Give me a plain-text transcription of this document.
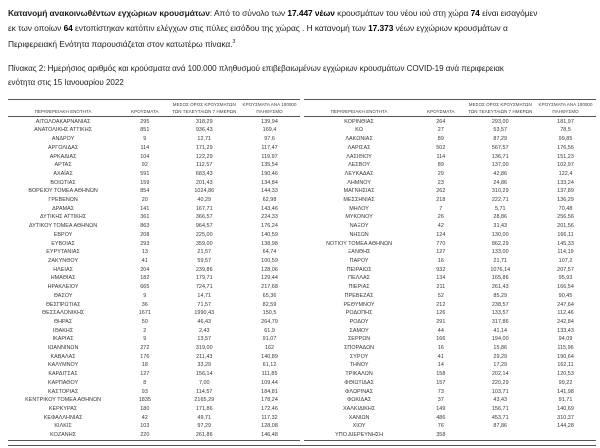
Κατανομή ανακοινωθέντων εγχώριων κρουσμάτων: Από το σύνολο των 17.447 νέων κρουσμάτων του νέου ιού στη χώρα 74 είναι εισαγόμεν
εκ των οποίων 64 εντοπίστηκαν κατόπιν ελέγχων στις πύλες εισόδου της χώρας . Η κατανομή των 17.373 νέων εγχώριων κρουσμάτων α
Περιφερειακή Ενότητα παρουσιάζεται στον κατωτέρω πίνακα.$^3$
Πίνακας 2: Ημερήσιος αριθμός και κρούσματα ανά 100.000 πληθυσμού επιβεβαιωμένων εγχώριων κρουσμάτων COVID-19 ανά περιφερειακ
ενότητα στις 15 Ιανουαρίου 2022
		ΜΕΣΟΣ ΟΡΟΣ ΚΡΟΥΣΜΑΤΩΝ	ΚΡΟΥΣΜΑΤΑ ΑΝΑ 100000
ΠΕΡΙΦΕΡΕΙΑΚΗ ΕΝΟΤΗΤΑ	ΚΡΟΥΣΜΑΤΑ	ΤΩΝ ΤΕΛΕΥΤΑΙΩΝ 7 ΗΜΕΡΩΝ	ΠΛΗΘΥΣΜΟ
ΑΙΤΩΛΟΑΚΑΡΝΑΝΙΑΣ	295	318,29	139,94
ΑΝΑΤΟΛΙΚΗΣ ΑΤΤΙΚΗΣ	851	936,43	169,4
ΑΝΔΡΟΥ	9	12,71	97,6
ΑΡΓΟΛΙΔΑΣ	114	171,29	117,47
ΑΡΚΑΔΙΑΣ	104	122,29	119,97
ΑΡΤΑΣ	92	112,57	135,54
ΑΧΑΪΑΣ	591	683,43	190,46
ΒΟΙΩΤΙΑΣ	159	201,43	134,84
ΒΟΡΕΙΟΥ ΤΟΜΕΑ ΑΘΗΝΩΝ	854	1024,86	144,33
ΓΡΕΒΕΝΩΝ	20	40,29	62,98
ΔΡΑΜΑΣ	141	167,71	143,46
ΔΥΤΙΚΗΣ ΑΤΤΙΚΗΣ	361	366,57	224,33
ΔΥΤΙΚΟΥ ΤΟΜΕΑ ΑΘΗΝΩΝ	863	964,57	176,24
ΕΒΡΟΥ	208	225,00	140,59
ΕΥΒΟΙΑΣ	293	359,00	138,98
ΕΥΡΥΤΑΝΙΑΣ	13	21,57	64,74
ΖΑΚΥΝΘΟΥ	41	59,57	100,59
ΗΛΕΙΑΣ	204	239,86	128,06
ΗΜΑΘΙΑΣ	182	179,71	129,44
ΗΡΑΚΛΕΙΟΥ	665	724,71	217,68
ΘΑΣΟΥ	9	14,71	65,36
ΘΕΣΠΡΩΤΙΑΣ	36	71,57	82,59
ΘΕΣΣΑΛΟΝΙΚΗΣ	1671	1990,43	150,5
ΘΗΡΑΣ	50	46,43	264,79
ΙΘΑΚΗΣ	2	2,43	61,9
ΙΚΑΡΙΑΣ	9	13,57	91,07
ΙΩΑΝΝΙΝΩΝ	272	319,00	162
ΚΑΒΑΛΑΣ	176	211,43	140,89
ΚΑΛΥΜΝΟΥ	18	33,29	61,12
ΚΑΡΔΙΤΣΑΣ	127	156,14	111,85
ΚΑΡΠΑΘΟΥ	8	7,00	109,44
ΚΑΣΤΟΡΙΑΣ	93	114,57	184,81
ΚΕΝΤΡΙΚΟΥ ΤΟΜΕΑ ΑΘΗΝΩΝ	1835	2165,29	178,24
ΚΕΡΚΥΡΑΣ	180	171,86	172,46
ΚΕΦΑΛΛΗΝΙΑΣ	42	49,71	117,32
ΚΙΛΚΙΣ	103	97,29	128,08
ΚΟΖΑΝΗΣ	220	261,86	146,48
		ΜΕΣΟΣ ΟΡΟΣ ΚΡΟΥΣΜΑΤΩΝ	ΚΡΟΥΣΜΑΤΑ ΑΝΑ 100000
ΠΕΡΙΦΕΡΕΙΑΚΗ ΕΝΟΤΗΤΑ	ΚΡΟΥΣΜΑΤΑ	ΤΩΝ ΤΕΛΕΥΤΑΙΩΝ 7 ΗΜΕΡΩΝ	ΠΛΗΘΥΣΜΟ
ΚΟΡΙΝΘΙΑΣ	264	293,00	181,97
ΚΩ	27	53,57	78,5
ΛΑΚΩΝΙΑΣ	89	87,29	99,85
ΛΑΡΙΣΑΣ	502	567,57	176,56
ΛΑΣΙΘΙΟΥ	114	136,71	151,23
ΛΕΣΒΟΥ	89	137,00	102,97
ΛΕΥΚΑΔΑΣ	29	42,86	122,4
ΛΗΜΝΟΥ	23	24,86	133,24
ΜΑΓΝΗΣΙΑΣ	262	310,29	137,89
ΜΕΣΣΗΝΙΑΣ	218	222,71	136,29
ΜΗΛΟΥ	7	5,71	70,48
ΜΥΚΟΝΟΥ	26	28,86	256,56
ΝΑΞΟΥ	42	31,43	201,56
ΝΗΣΩΝ	124	130,00	166,11
ΝΟΤΙΟΥ ΤΟΜΕΑ ΑΘΗΝΩΝ	770	862,29	145,33
ΞΑΝΘΗΣ	127	133,00	114,19
ΠΑΡΟΥ	16	21,71	107,2
ΠΕΙΡΑΙΩΣ	932	1076,14	207,57
ΠΕΛΛΑΣ	134	165,86	95,93
ΠΙΕΡΙΑΣ	211	261,43	166,54
ΠΡΕΒΕΖΑΣ	52	85,29	90,45
ΡΕΘΥΜΝΟΥ	212	238,57	247,64
ΡΟΔΟΠΗΣ	126	133,57	112,46
ΡΟΔΟΥ	291	317,86	242,84
ΣΑΜΟΥ	44	41,14	133,43
ΣΕΡΡΩΝ	166	194,00	94,09
ΣΠΟΡΑΔΩΝ	16	15,86	115,96
ΣΥΡΟΥ	41	29,29	190,64
ΤΗΝΟΥ	14	17,29	162,11
ΤΡΙΚΑΛΩΝ	158	202,14	120,53
ΦΘΙΩΤΙΔΑΣ	157	220,29	99,22
ΦΛΩΡΙΝΑΣ	73	103,71	141,98
ΦΩΚΙΔΑΣ	37	43,43	91,71
ΧΑΛΚΙΔΙΚΗΣ	149	156,71	140,69
ΧΑΝΙΩΝ	486	453,71	310,37
ΧΙΟΥ	76	87,86	144,28
ΥΠΟ ΔΙΕΡΕΥΝΗΣΗ	358		
